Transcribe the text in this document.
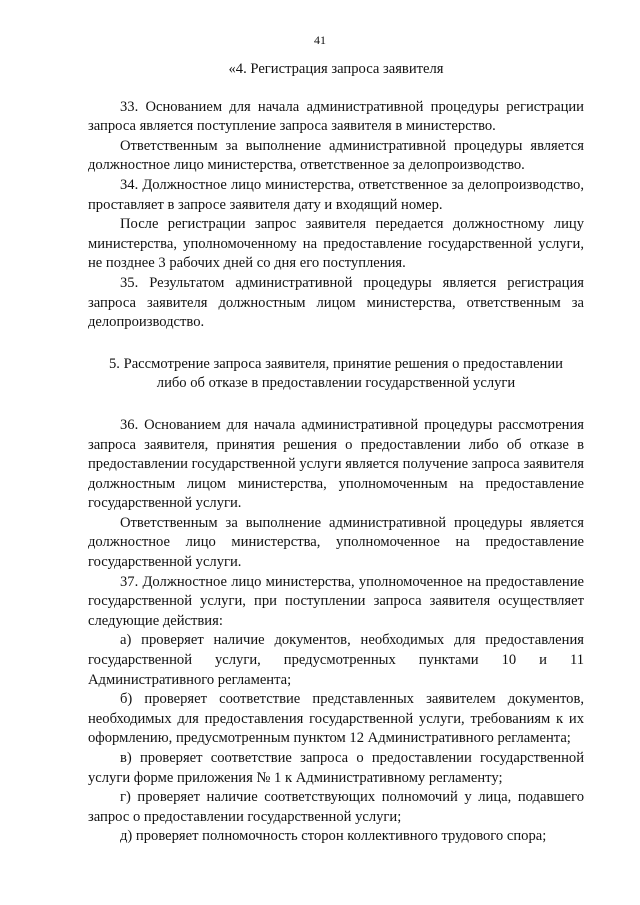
41

«4. Регистрация запроса заявителя

33. Основанием для начала административной процедуры регистрации запроса является поступление запроса заявителя в министерство.

Ответственным за выполнение административной процедуры является должностное лицо министерства, ответственное за делопроизводство.

34. Должностное лицо министерства, ответственное за делопроизводство, проставляет в запросе заявителя дату и входящий номер.

После регистрации запрос заявителя передается должностному лицу министерства, уполномоченному на предоставление государственной услуги, не позднее 3 рабочих дней со дня его поступления.

35. Результатом административной процедуры является регистрация запроса заявителя должностным лицом министерства, ответственным за делопроизводство.

5. Рассмотрение запроса заявителя, принятие решения о предоставлении

либо об отказе в предоставлении государственной услуги

36. Основанием для начала административной процедуры рассмотрения запроса заявителя, принятия решения о предоставлении либо об отказе в предоставлении государственной услуги является получение запроса заявителя должностным лицом министерства, уполномоченным на предоставление государственной услуги.

Ответственным за выполнение административной процедуры является должностное лицо министерства, уполномоченное на предоставление государственной услуги.

37. Должностное лицо министерства, уполномоченное на предоставление государственной услуги, при поступлении запроса заявителя осуществляет следующие действия:

а) проверяет наличие документов, необходимых для предоставления государственной услуги, предусмотренных пунктами 10 и 11 Административного регламента;

б) проверяет соответствие представленных заявителем документов, необходимых для предоставления государственной услуги, требованиям к их оформлению, предусмотренным пунктом 12 Административного регламента;

в) проверяет соответствие запроса о предоставлении государственной услуги форме приложения № 1 к Административному регламенту;

г) проверяет наличие соответствующих полномочий у лица, подавшего запрос о предоставлении государственной услуги;

д) проверяет полномочность сторон коллективного трудового спора;
